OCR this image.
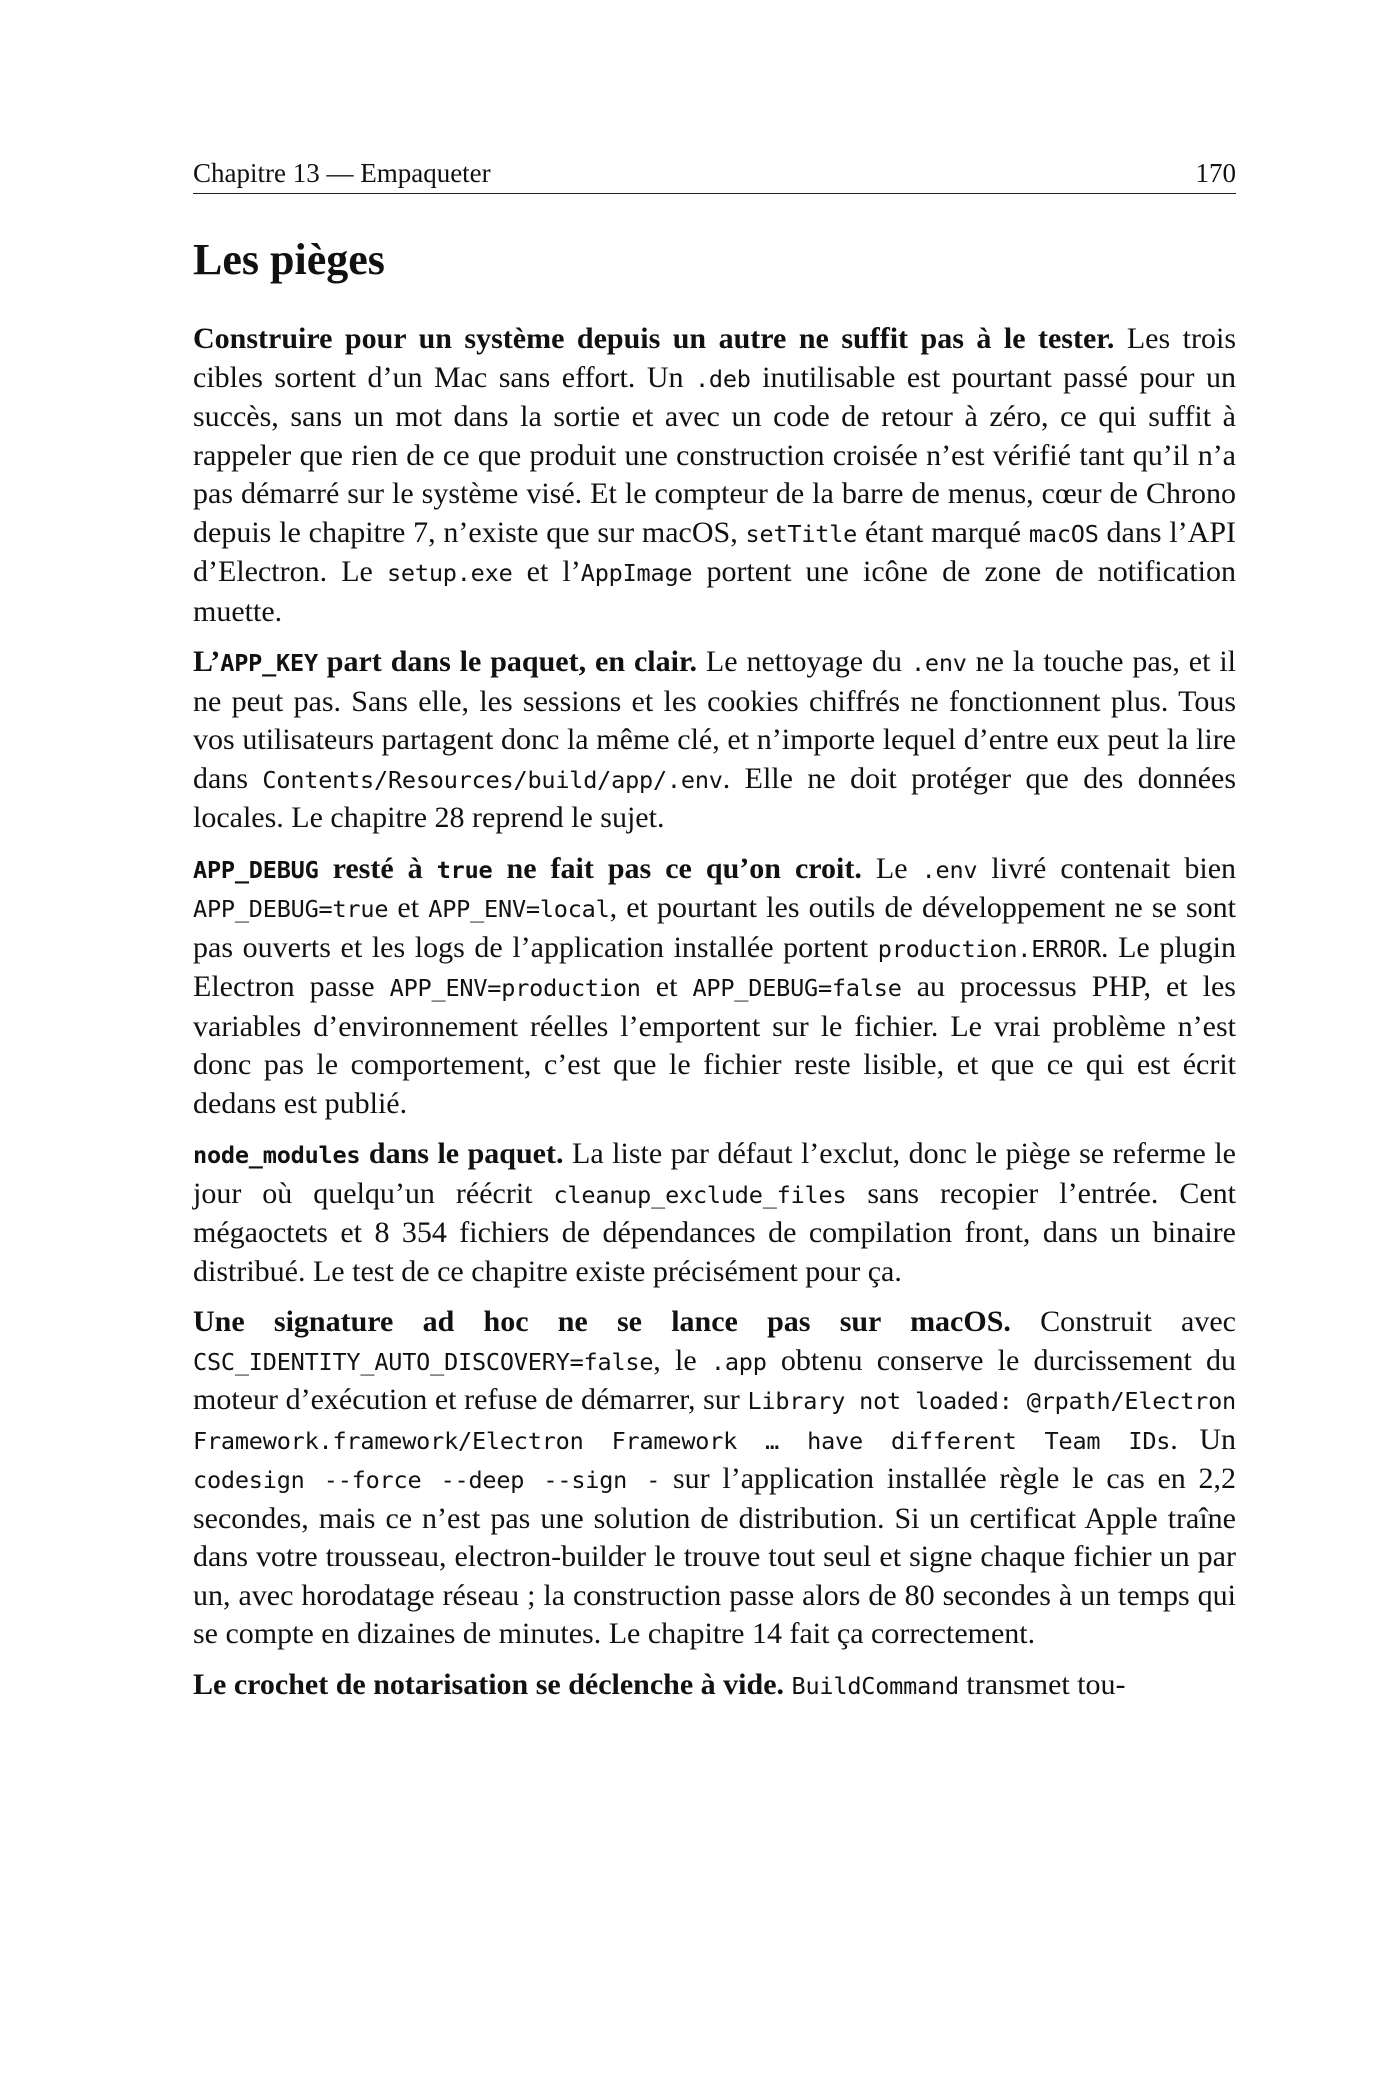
Chapitre 13 — Empaqueter	170
Les pièges

Construire pour un système depuis un autre ne suffit pas à le tester. Les trois cibles sortent d’un Mac sans effort. Un .deb inutilisable est pourtant passé pour un succès, sans un mot dans la sortie et avec un code de retour à zéro, ce qui suffit à rappeler que rien de ce que produit une construction croisée n’est vérifié tant qu’il n’a pas démarré sur le système visé. Et le compteur de la barre de menus, cœur de Chrono depuis le chapitre 7, n’existe que sur macOS, setTitle étant marqué macOS dans l’API d’Electron. Le setup.exe et l’AppImage portent une icône de zone de notification muette.

L’APP_KEY part dans le paquet, en clair. Le nettoyage du .env ne la touche pas, et il ne peut pas. Sans elle, les sessions et les cookies chiffrés ne fonctionnent plus. Tous vos utilisateurs partagent donc la même clé, et n’importe lequel d’entre eux peut la lire dans Contents/Resources/build/app/.env. Elle ne doit protéger que des données locales. Le chapitre 28 reprend le sujet.

APP_DEBUG resté à true ne fait pas ce qu’on croit. Le .env livré contenait bien APP_DEBUG=true et APP_ENV=local, et pourtant les outils de développement ne se sont pas ouverts et les logs de l’application installée portent production.ERROR. Le plugin Electron passe APP_ENV=production et APP_DEBUG=false au processus PHP, et les variables d’environnement réelles l’emportent sur le fichier. Le vrai problème n’est donc pas le comportement, c’est que le fichier reste lisible, et que ce qui est écrit dedans est publié.

node_modules dans le paquet. La liste par défaut l’exclut, donc le piège se referme le jour où quelqu’un réécrit cleanup_exclude_files sans recopier l’entrée. Cent mégaoctets et 8 354 fichiers de dépendances de compilation front, dans un binaire distribué. Le test de ce chapitre existe précisément pour ça.

Une signature ad hoc ne se lance pas sur macOS. Construit avec CSC_IDENTITY_AUTO_DISCOVERY=false, le .app obtenu conserve le durcissement du moteur d’exécution et refuse de démarrer, sur Library not loaded: @rpath/Electron Framework.framework/Electron Framework … have different Team IDs. Un codesign --force --deep --sign - sur l’application installée règle le cas en 2,2 secondes, mais ce n’est pas une solution de distribution. Si un certificat Apple traîne dans votre trousseau, electron-builder le trouve tout seul et signe chaque fichier un par un, avec horodatage réseau ; la construction passe alors de 80 secondes à un temps qui se compte en dizaines de minutes. Le chapitre 14 fait ça correctement.

Le crochet de notarisation se déclenche à vide. BuildCommand transmet tou-
